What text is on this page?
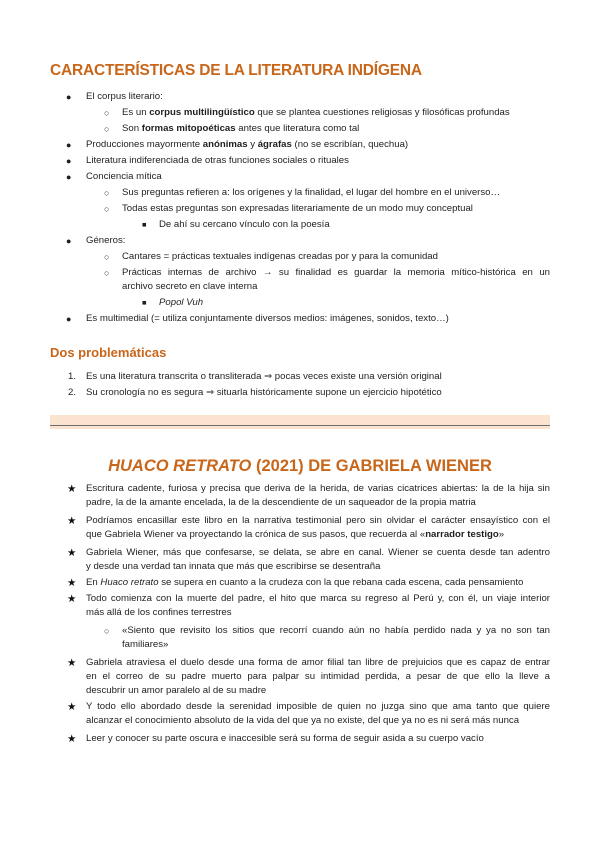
CARACTERÍSTICAS DE LA LITERATURA INDÍGENA
● El corpus literario:
○ Es un corpus multilingüístico que se plantea cuestiones religiosas y filosóficas profundas
○ Son formas mitopoéticas antes que literatura como tal
● Producciones mayormente anónimas y ágrafas (no se escribían, quechua)
● Literatura indiferenciada de otras funciones sociales o rituales
● Conciencia mítica
○ Sus preguntas refieren a: los orígenes y la finalidad, el lugar del hombre en el universo…
○ Todas estas preguntas son expresadas literariamente de un modo muy conceptual
■ De ahí su cercano vínculo con la poesía
● Géneros:
○ Cantares = prácticas textuales indígenas creadas por y para la comunidad
○ Prácticas internas de archivo → su finalidad es guardar la memoria mítico-histórica en un
archivo secreto en clave interna
■ Popol Vuh
● Es multimedial (= utiliza conjuntamente diversos medios: imágenes, sonidos, texto…)
Dos problemáticas
1. Es una literatura transcrita o transliterada ⇒ pocas veces existe una versión original
2. Su cronología no es segura ⇒ situarla históricamente supone un ejercicio hipotético
HUACO RETRATO (2021) DE GABRIELA WIENER
★ Escritura cadente, furiosa y precisa que deriva de la herida, de varias cicatrices abiertas: la de la hija sin
padre, la de la amante encelada, la de la descendiente de un saqueador de la propia matria
★ Podríamos encasillar este libro en la narrativa testimonial pero sin olvidar el carácter ensayístico con el
que Gabriela Wiener va proyectando la crónica de sus pasos, que recuerda al «narrador testigo»
★ Gabriela Wiener, más que confesarse, se delata, se abre en canal. Wiener se cuenta desde tan adentro
y desde una verdad tan innata que más que escribirse se desentraña
★ En Huaco retrato se supera en cuanto a la crudeza con la que rebana cada escena, cada pensamiento
★ Todo comienza con la muerte del padre, el hito que marca su regreso al Perú y, con él, un viaje interior
más allá de los confines terrestres
○ «Siento que revisito los sitios que recorrí cuando aún no había perdido nada y ya no son tan
familiares»
★ Gabriela atraviesa el duelo desde una forma de amor filial tan libre de prejuicios que es capaz de entrar
en el correo de su padre muerto para palpar su intimidad perdida, a pesar de que ello la lleve a
descubrir un amor paralelo al de su madre
★ Y todo ello abordado desde la serenidad imposible de quien no juzga sino que ama tanto que quiere
alcanzar el conocimiento absoluto de la vida del que ya no existe, del que ya no es ni será más nunca
★ Leer y conocer su parte oscura e inaccesible será su forma de seguir asida a su cuerpo vacío
